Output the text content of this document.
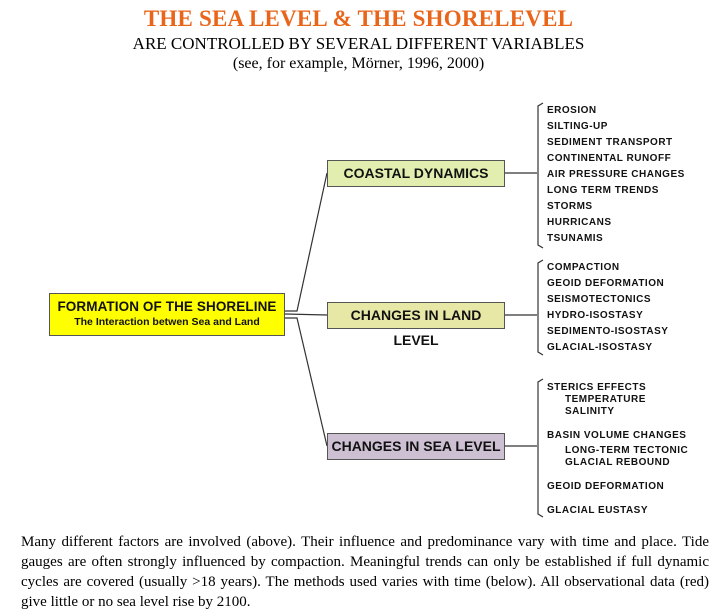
THE SEA LEVEL & THE SHORELEVEL
ARE CONTROLLED BY SEVERAL DIFFERENT VARIABLES
(see, for example, Mörner, 1996, 2000)
FORMATION OF THE SHORELINE
The Interaction betwen Sea and Land
COASTAL DYNAMICS
CHANGES IN LAND LEVEL
CHANGES IN SEA LEVEL
EROSION
SILTING-UP
SEDIMENT TRANSPORT
CONTINENTAL RUNOFF
AIR PRESSURE CHANGES
LONG TERM TRENDS
STORMS
HURRICANS
TSUNAMIS
COMPACTION
GEOID DEFORMATION
SEISMOTECTONICS
HYDRO-ISOSTASY
SEDIMENTO-ISOSTASY
GLACIAL-ISOSTASY
STERICS EFFECTS
TEMPERATURE
SALINITY
BASIN VOLUME CHANGES
LONG-TERM TECTONIC
GLACIAL REBOUND
GEOID DEFORMATION
GLACIAL EUSTASY
Many different factors are involved (above). Their influence and predominance vary with time and place. Tide gauges are often strongly influenced by compaction. Meaningful trends can only be established if full dynamic cycles are covered (usually >18 years). The methods used varies with time (below). All observational data (red) give little or no sea level rise by 2100.
